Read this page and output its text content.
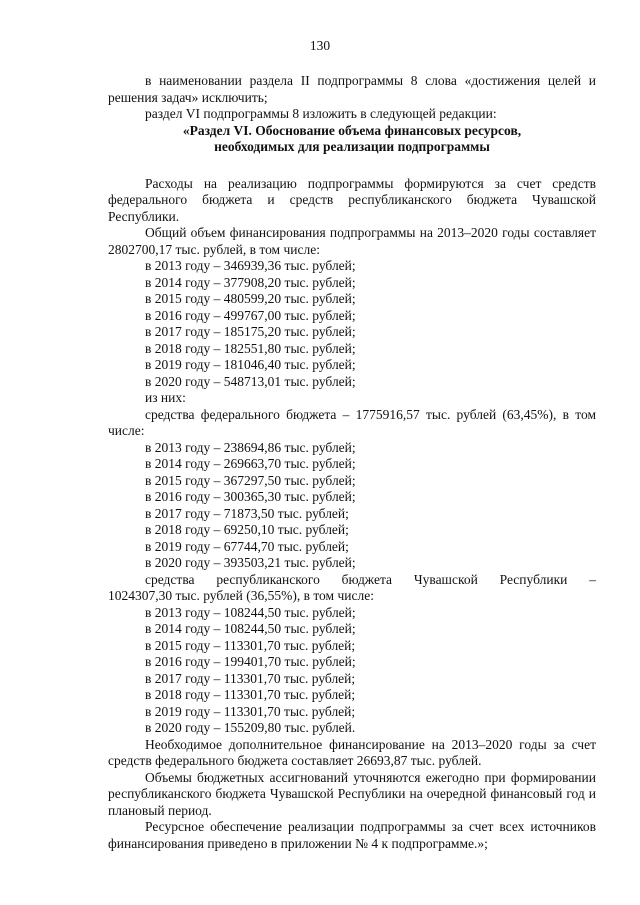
130

в наименовании раздела II подпрограммы 8 слова «достижения целей и решения задач» исключить;

раздел VI подпрограммы 8 изложить в следующей редакции:

«Раздел VI. Обоснование объема финансовых ресурсов,

необходимых для реализации подпрограммы

Расходы на реализацию подпрограммы формируются за счет средств федерального бюджета и средств республиканского бюджета Чувашской Республики.

Общий объем финансирования подпрограммы на 2013–2020 годы составляет 2802700,17 тыс. рублей, в том числе:

в 2013 году – 346939,36 тыс. рублей;
в 2014 году – 377908,20 тыс. рублей;
в 2015 году – 480599,20 тыс. рублей;
в 2016 году – 499767,00 тыс. рублей;
в 2017 году – 185175,20 тыс. рублей;
в 2018 году – 182551,80 тыс. рублей;
в 2019 году – 181046,40 тыс. рублей;
в 2020 году – 548713,01 тыс. рублей;
из них:

средства федерального бюджета – 1775916,57 тыс. рублей (63,45%), в том числе:

в 2013 году – 238694,86 тыс. рублей;
в 2014 году – 269663,70 тыс. рублей;
в 2015 году – 367297,50 тыс. рублей;
в 2016 году – 300365,30 тыс. рублей;
в 2017 году – 71873,50 тыс. рублей;
в 2018 году – 69250,10 тыс. рублей;
в 2019 году – 67744,70 тыс. рублей;
в 2020 году – 393503,21 тыс. рублей;
средства республиканского бюджета Чувашской Республики –
1024307,30 тыс. рублей (36,55%), в том числе:
в 2013 году – 108244,50 тыс. рублей;
в 2014 году – 108244,50 тыс. рублей;
в 2015 году – 113301,70 тыс. рублей;
в 2016 году – 199401,70 тыс. рублей;
в 2017 году – 113301,70 тыс. рублей;
в 2018 году – 113301,70 тыс. рублей;
в 2019 году – 113301,70 тыс. рублей;
в 2020 году – 155209,80 тыс. рублей.

Необходимое дополнительное финансирование на 2013–2020 годы за счет средств федерального бюджета составляет 26693,87 тыс. рублей.

Объемы бюджетных ассигнований уточняются ежегодно при формировании республиканского бюджета Чувашской Республики на очередной финансовый год и плановый период.

Ресурсное обеспечение реализации подпрограммы за счет всех источников финансирования приведено в приложении № 4 к подпрограмме.»;
